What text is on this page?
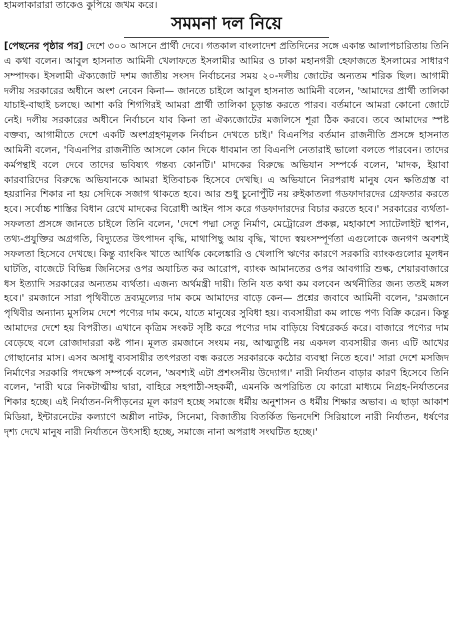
হামলাকারারা তাকেও কুপিয়ে জখম করে।
সমমনা দল নিয়ে

[পেছনের পৃষ্ঠার পর] দেশে ৩০০ আসনে প্রার্থী দেবে। গতকাল বাংলাদেশ প্রতিদিনের সঙ্গে একান্ত আলাপচারিতায় তিনি এ কথা বলেন। আবুল হাসনাত আমিনী খেলাফতে ইসলামীর আমির ও ঢাকা মহানগরী হেফাজতে ইসলামের সাধারণ সম্পাদক। ইসলামী ঐক্যজোট দশম জাতীয় সংসদ নির্বাচনের সময় ২০-দলীয় জোটের অন্যতম শরিক ছিল। আগামী দলীয় সরকারের অধীনে অংশ নেবেন কিনা— জানতে চাইলে আবুল হাসনাত আমিনী বলেন, 'আমাদের প্রার্থী তালিকা যাচাই-বাছাই চলছে। আশা করি শিগগিরই আমরা প্রার্থী তালিকা চূড়ান্ত করতে পারব। বর্তমানে আমরা কোনো জোটে নেই। দলীয় সরকারের অধীনে নির্বাচনে যাব কিনা তা ঐক্যজোটের মজলিসে শূরা ঠিক করবে। তবে আমাদের স্পষ্ট বক্তব্য, আগামীতে দেশে একটি অংশগ্রহণমূলক নির্বাচন দেখতে চাই।' বিএনপির বর্তমান রাজনীতি প্রসঙ্গে হাসনাত আমিনী বলেন, 'বিএনপির রাজনীতি আসলে কোন দিকে ধাবমান তা বিএনপি নেতারাই ভালো বলতে পারবেন। তাদের কর্মপন্থাই বলে দেবে তাদের ভবিষ্যৎ গন্তব্য কোনটি।' মাদকের বিরুদ্ধে অভিযান সম্পর্কে বলেন, 'মাদক, ইয়াবা কারবারিদের বিরুদ্ধে অভিযানকে আমরা ইতিবাচক হিসেবে দেখছি। এ অভিযানে নিরপরাধ মানুষ যেন ক্ষতিগ্রস্ত বা হয়রানির শিকার না হয় সেদিকে সজাগ থাকতে হবে। আর শুধু চুনোপুঁটি নয় রুইকাতলা গডফাদারদের গ্রেফতার করতে হবে। সর্বোচ্চ শাস্তির বিধান রেখে মাদকের বিরোধী আইন পাস করে গডফাদারদের বিচার করতে হবে।' সরকারের ব্যর্থতা-সফলতা প্রসঙ্গে জানতে চাইলে তিনি বলেন, 'দেশে পদ্মা সেতু নির্মাণ, মেট্রোরেল প্রকল্প, মহাকাশে স্যাটেলাইট স্থাপন, তথ্য-প্রযুক্তির অগ্রগতি, বিদ্যুতের উৎপাদন বৃদ্ধি, মাথাপিছু আয় বৃদ্ধি, খাদ্যে স্বয়ংসম্পূর্ণতা এগুলোকে জনগণ অবশ্যই সফলতা হিসেবে দেখছে। কিন্তু ব্যাংকিং খাতে আর্থিক কেলেঙ্কারি ও খেলাপি ঋণের কারণে সরকারি ব্যাংকগুলোর মূলধন ঘাটতি, বাজেটে বিভিন্ন জিনিসের ওপর অযাচিত কর আরোপ, ব্যাংক আমানতের ওপর আবগারি শুল্ক, শেয়ারবাজারে ধস ইত্যাদি সরকারের অন্যতম ব্যর্থতা। এজন্য অর্থমন্ত্রী দায়ী। তিনি যত কথা কম বলবেন অর্থনীতির জন্য ততই মঙ্গল হবে।' রমজানে সারা পৃথিবীতে দ্রব্যমূল্যের দাম কমে আমাদের বাড়ে কেন— প্রশ্নের জবাবে আমিনী বলেন, 'রমজানে পৃথিবীর অন্যান্য মুসলিম দেশে পণ্যের দাম কমে, যাতে মানুষের সুবিধা হয়। ব্যবসায়ীরা কম লাভে পণ্য বিক্রি করেন। কিন্তু আমাদের দেশে হয় বিপরীত। এখানে কৃত্রিম সংকট সৃষ্টি করে পণ্যের দাম বাড়িয়ে বিশ্বরেকর্ড করে। বাজারে পণ্যের দাম বেড়েছে বলে রোজাদাররা কষ্ট পান। মূলত রমজানে সংযম নয়, আত্মতুষ্টি নয় একদল ব্যবসায়ীর জন্য এটি আখের গোছানোর মাস। এসব অসাধু ব্যবসায়ীর তৎপরতা বন্ধ করতে সরকারকে কঠোর ব্যবস্থা নিতে হবে।' সারা দেশে মসজিদ নির্মাণের সরকারি পদক্ষেপ সম্পর্কে বলেন, 'অবশ্যই এটা প্রশংসনীয় উদ্যোগ।' নারী নির্যাতন বাড়ার কারণ হিসেবে তিনি বলেন, 'নারী ঘরে নিকটাত্মীয় দ্বারা, বাহিরে সহপাঠী-সহকর্মী, এমনকি অপরিচিত যে কারো মাধ্যমে নিগ্রহ-নির্যাতনের শিকার হচ্ছে। এই নির্যাতন-নিপীড়নের মূল কারণ হচ্ছে সমাজে ধর্মীয় অনুশাসন ও ধর্মীয় শিক্ষার অভাব। এ ছাড়া আকাশ মিডিয়া, ইন্টারনেটের কল্যাণে অশ্লীল নাটক, সিনেমা, বিজাতীয় বিতর্কিত ভিনদেশি সিরিয়ালে নারী নির্যাতন, ধর্ষণের দৃশ্য দেখে মানুষ নারী নির্যাতনে উৎসাহী হচ্ছে, সমাজে নানা অপরাধ সংঘটিত হচ্ছে।'
